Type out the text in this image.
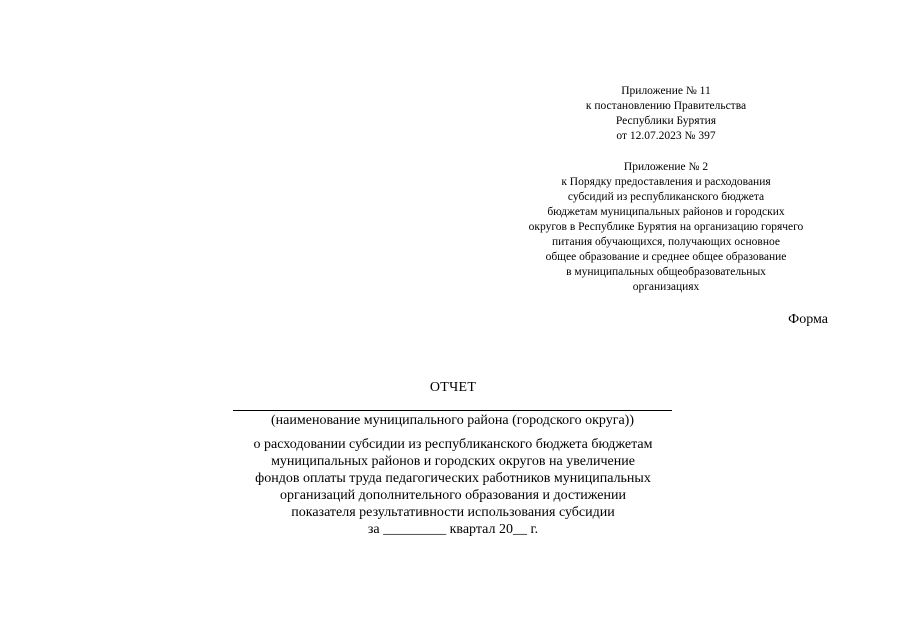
Приложение № 11
к постановлению Правительства
Республики Бурятия
от 12.07.2023 № 397
Приложение № 2
к Порядку предоставления и расходования
субсидий из республиканского бюджета
бюджетам муниципальных районов и городских
округов в Республике Бурятия на организацию горячего
питания обучающихся, получающих основное
общее образование и среднее общее образование
в муниципальных общеобразовательных
организациях
Форма
ОТЧЕТ
(наименование муниципального района (городского округа))
о расходовании субсидии из республиканского бюджета бюджетам
муниципальных районов и городских округов на увеличение
фондов оплаты труда педагогических работников муниципальных
организаций дополнительного образования и достижении
показателя результативности использования субсидии
за _________ квартал 20__ г.
